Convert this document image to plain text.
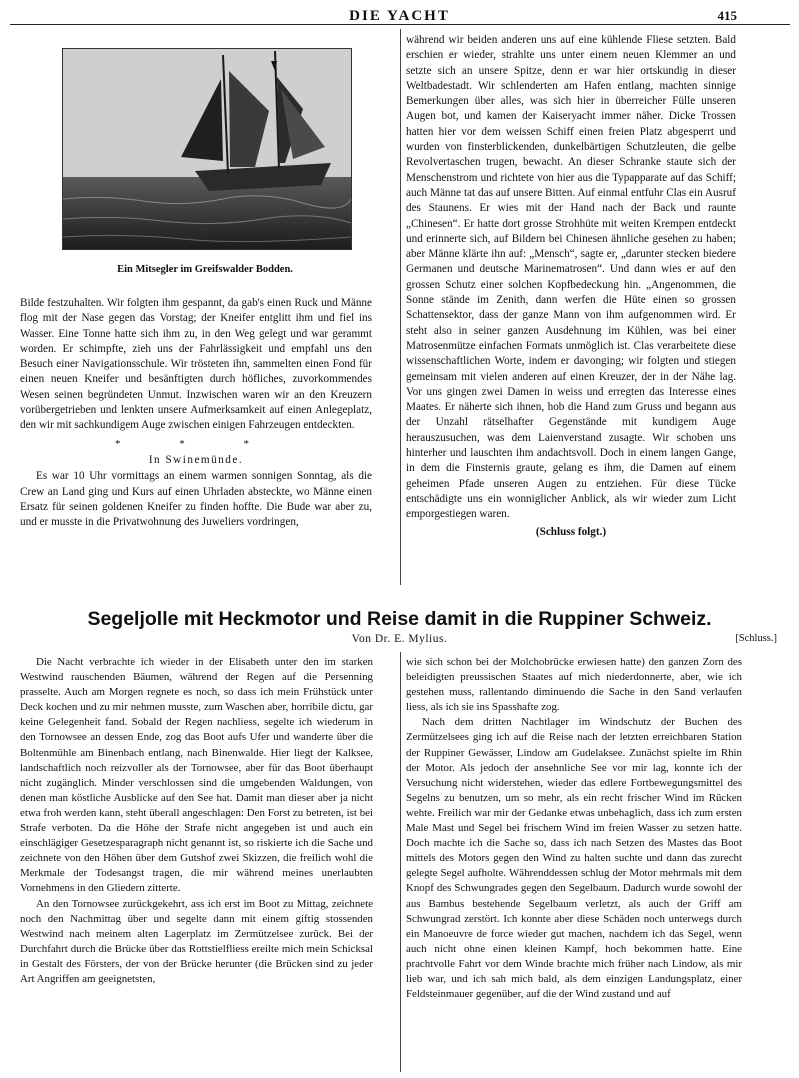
DIE YACHT	415
Ein Mitsegler im Greifswalder Bodden.

Bilde festzuhalten. Wir folgten ihm gespannt, da gab's einen Ruck und Männe flog mit der Nase gegen das Vorstag; der Kneifer entglitt ihm und fiel ins Wasser. Eine Tonne hatte sich ihm zu, in den Weg gelegt und war gerammt worden. Er schimpfte, zieh uns der Fahrlässigkeit und empfahl uns den Besuch einer Navigationsschule. Wir trösteten ihn, sammelten einen Fond für einen neuen Kneifer und besänftigten durch höfliches, zuvorkommendes Wesen seinen begründeten Unmut. Inzwischen waren wir an den Kreuzern vorübergetrieben und lenkten unsere Aufmerksamkeit auf einen Anlegeplatz, den wir mit sachkundigem Auge zwischen einigen Fahrzeugen entdeckten.

* * *
In Swinemünde.

Es war 10 Uhr vormittags an einem warmen sonnigen Sonntag, als die Crew an Land ging und Kurs auf einen Uhrladen absteckte, wo Männe einen Ersatz für seinen goldenen Kneifer zu finden hoffte. Die Bude war aber zu, und er musste in die Privatwohnung des Juweliers vordringen,

während wir beiden anderen uns auf eine kühlende Fliese setzten. Bald erschien er wieder, strahlte uns unter einem neuen Klemmer an und setzte sich an unsere Spitze, denn er war hier ortskundig in dieser Weltbadestadt. Wir schlenderten am Hafen entlang, machten sinnige Bemerkungen über alles, was sich hier in überreicher Fülle unseren Augen bot, und kamen der Kaiseryacht immer näher. Dicke Trossen hatten hier vor dem weissen Schiff einen freien Platz abgesperrt und wurden von finsterblickenden, dunkelbärtigen Schutzleuten, die gelbe Revolvertaschen trugen, bewacht. An dieser Schranke staute sich der Menschenstrom und richtete von hier aus die Typapparate auf das Schiff; auch Männe tat das auf unsere Bitten. Auf einmal entfuhr Clas ein Ausruf des Staunens. Er wies mit der Hand nach der Back und raunte „Chinesen“. Er hatte dort grosse Strohhüte mit weiten Krempen entdeckt und erinnerte sich, auf Bildern bei Chinesen ähnliche gesehen zu haben; aber Männe klärte ihn auf: „Mensch“, sagte er, „darunter stecken biedere Germanen und deutsche Marinematrosen“. Und dann wies er auf den grossen Schutz einer solchen Kopfbedeckung hin. „Angenommen, die Sonne stände im Zenith, dann werfen die Hüte einen so grossen Schattensektor, dass der ganze Mann von ihm aufgenommen wird. Er steht also in seiner ganzen Ausdehnung im Kühlen, was bei einer Matrosenmütze einfachen Formats unmöglich ist. Clas verarbeitete diese wissenschaftlichen Worte, indem er davonging; wir folgten und stiegen gemeinsam mit vielen anderen auf einen Kreuzer, der in der Nähe lag. Vor uns gingen zwei Damen in weiss und erregten das Interesse eines Maates. Er näherte sich ihnen, hob die Hand zum Gruss und begann aus der Unzahl rätselhafter Gegenstände mit kundigem Auge herauszusuchen, was dem Laienverstand zusagte. Wir schoben uns hinterher und lauschten ihm andachtsvoll. Doch in einem langen Gange, in dem die Finsternis graute, gelang es ihm, die Damen auf einem geheimen Pfade unseren Augen zu entziehen. Für diese Tücke entschädigte uns ein wonniglicher Anblick, als wir wieder zum Licht emporgestiegen waren.

(Schluss folgt.)
Segeljolle mit Heckmotor und Reise damit in die Ruppiner Schweiz.
Von Dr. E. Mylius.	[Schluss.]

Die Nacht verbrachte ich wieder in der Elisabeth unter den im starken Westwind rauschenden Bäumen, während der Regen auf die Persenning prasselte. Auch am Morgen regnete es noch, so dass ich mein Frühstück unter Deck kochen und zu mir nehmen musste, zum Waschen aber, horribile dictu, gar keine Gelegenheit fand. Sobald der Regen nachliess, segelte ich wiederum in den Tornowsee an dessen Ende, zog das Boot aufs Ufer und wanderte über die Boltenmühle am Binenbach entlang, nach Binenwalde. Hier liegt der Kalksee, landschaftlich noch reizvoller als der Tornowsee, aber für das Boot überhaupt nicht zugänglich. Minder verschlossen sind die umgebenden Waldungen, von denen man köstliche Ausblicke auf den See hat. Damit man dieser aber ja nicht etwa froh werden kann, steht überall angeschlagen: Den Forst zu betreten, ist bei Strafe verboten. Da die Höhe der Strafe nicht angegeben ist und auch ein einschlägiger Gesetzesparagraph nicht genannt ist, so riskierte ich die Sache und zeichnete von den Höhen über dem Gutshof zwei Skizzen, die freilich wohl die Merkmale der Todesangst tragen, die mir während meines unerlaubten Vornehmens in den Gliedern zitterte.

An den Tornowsee zurückgekehrt, ass ich erst im Boot zu Mittag, zeichnete noch den Nachmittag über und segelte dann mit einem giftig stossenden Westwind nach meinem alten Lagerplatz im Zermützelsee zurück. Bei der Durchfahrt durch die Brücke über das Rottstielfliess ereilte mich mein Schicksal in Gestalt des Försters, der von der Brücke herunter (die Brücken sind zu jeder Art Angriffen am geeignetsten,

wie sich schon bei der Molchobrücke erwiesen hatte) den ganzen Zorn des beleidigten preussischen Staates auf mich niederdonnerte, aber, wie ich gestehen muss, rallentando diminuendo die Sache in den Sand verlaufen liess, als ich sie ins Spasshafte zog.

Nach dem dritten Nachtlager im Windschutz der Buchen des Zermützelsees ging ich auf die Reise nach der letzten erreichbaren Station der Ruppiner Gewässer, Lindow am Gudelaksee. Zunächst spielte im Rhin der Motor. Als jedoch der ansehnliche See vor mir lag, konnte ich der Versuchung nicht widerstehen, wieder das edlere Fortbewegungsmittel des Segelns zu benutzen, um so mehr, als ein recht frischer Wind im Rücken wehte. Freilich war mir der Gedanke etwas unbehaglich, dass ich zum ersten Male Mast und Segel bei frischem Wind im freien Wasser zu setzen hatte. Doch machte ich die Sache so, dass ich nach Setzen des Mastes das Boot mittels des Motors gegen den Wind zu halten suchte und dann das zurecht gelegte Segel aufholte. Währenddessen schlug der Motor mehrmals mit dem Knopf des Schwungrades gegen den Segelbaum. Dadurch wurde sowohl der aus Bambus bestehende Segelbaum verletzt, als auch der Griff am Schwungrad zerstört. Ich konnte aber diese Schäden noch unterwegs durch ein Manoeuvre de force wieder gut machen, nachdem ich das Segel, wenn auch nicht ohne einen kleinen Kampf, hoch bekommen hatte. Eine prachtvolle Fahrt vor dem Winde brachte mich früher nach Lindow, als mir lieb war, und ich sah mich bald, als dem einzigen Landungsplatz, einer Feldsteinmauer gegenüber, auf die der Wind zustand und auf
